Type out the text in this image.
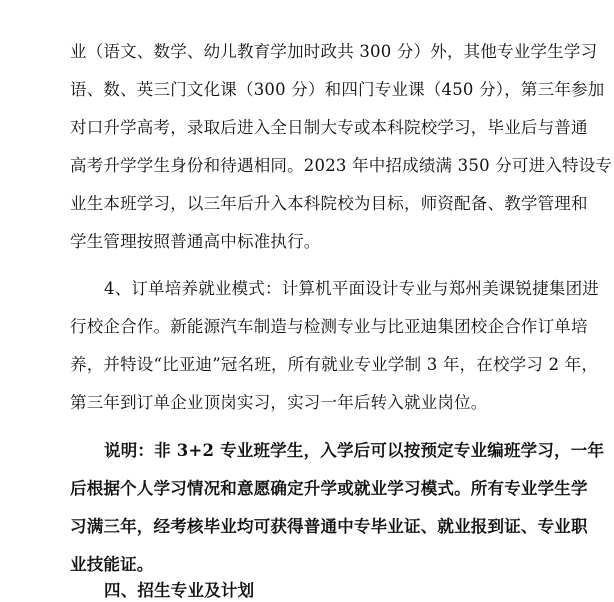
业（语文、数学、幼儿教育学加时政共 300 分）外，其他专业学生学习
语、数、英三门文化课（300 分）和四门专业课（450 分），第三年参加
对口升学高考，录取后进入全日制大专或本科院校学习，毕业后与普通
高考升学学生身份和待遇相同。2023 年中招成绩满 350 分可进入特设专
业生本班学习，以三年后升入本科院校为目标，师资配备、教学管理和
学生管理按照普通高中标准执行。
4、订单培养就业模式：计算机平面设计专业与郑州美课锐捷集团进
行校企合作。新能源汽车制造与检测专业与比亚迪集团校企合作订单培
养，并特设“比亚迪”冠名班，所有就业专业学制 3 年，在校学习 2 年，
第三年到订单企业顶岗实习，实习一年后转入就业岗位。
说明：非 3+2 专业班学生，入学后可以按预定专业编班学习，一年
后根据个人学习情况和意愿确定升学或就业学习模式。所有专业学生学
习满三年，经考核毕业均可获得普通中专毕业证、就业报到证、专业职
业技能证。
四、招生专业及计划
